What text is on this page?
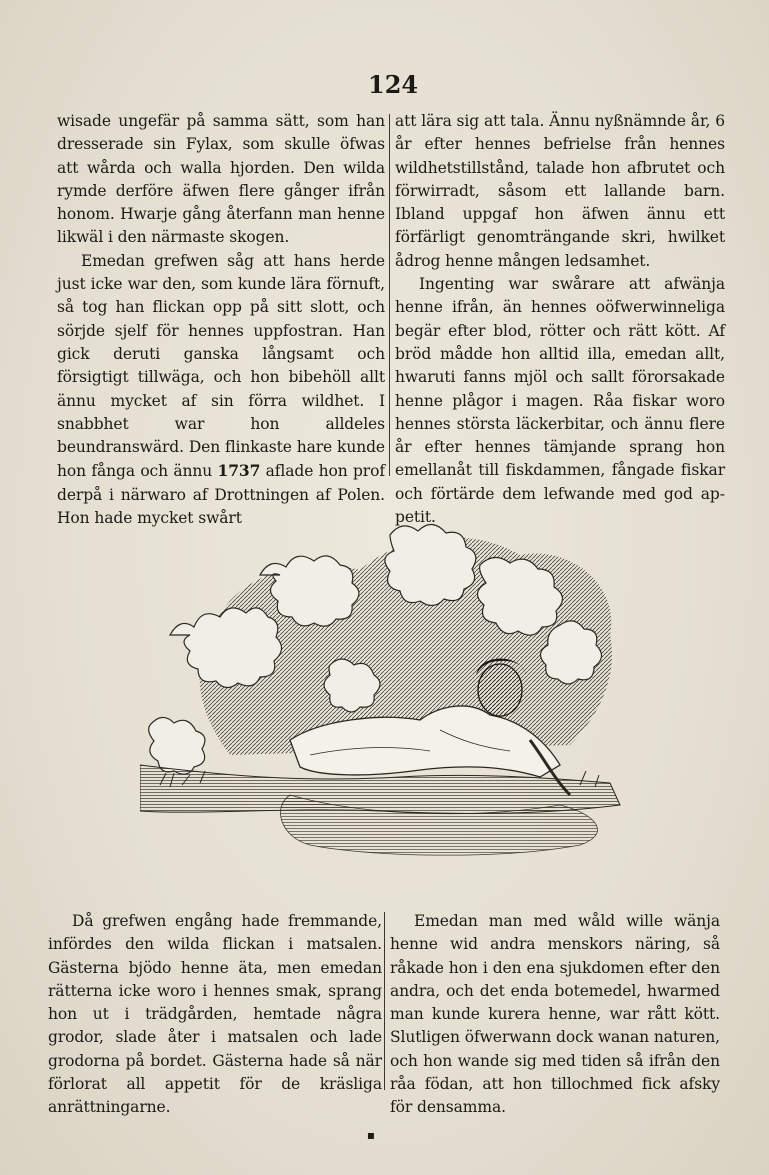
124

wisade ungefär på samma sätt, som han dresserade sin Fylax, som skulle öfwas att wårda och walla hjorden. Den wilda rymde derföre äfwen flere gånger ifrån honom. Hwarje gång återfann man henne likwäl i den närmaste skogen.

Emedan grefwen såg att hans herde just icke war den, som kunde lära förnuft, så tog han flickan opp på sitt slott, och sörjde sjelf för hennes uppfostran. Han gick deruti ganska långsamt och försigtigt tillwäga, och hon bibehöll allt ännu mycket af sin förra wildhet. I snabbhet war hon alldeles beundranswärd. Den flinkaste hare kunde hon fånga och ännu 1737 aflade hon prof derpå i närwaro af Drottningen af Polen. Hon hade mycket swårt

att lära sig att tala. Ännu nyßnämnde år, 6 år efter hennes befrielse från hennes wildhetstillstånd, talade hon afbrutet och förwirradt, såsom ett lallande barn. Ibland uppgaf hon äfwen ännu ett förfärligt genomträngande skri, hwilket ådrog henne mången ledsamhet.

Ingenting war swårare att afwänja henne ifrån, än hennes oöfwerwinneliga begär efter blod, rötter och rätt kött. Af bröd mådde hon alltid illa, emedan allt, hwaruti fanns mjöl och sallt förorsakade henne plågor i magen. Råa fiskar woro hennes största läckerbitar, och ännu flere år efter hennes tämjande sprang hon emellanåt till fiskdammen, fångade fiskar och förtärde dem lefwande med god appetit.

Då grefwen engång hade fremmande, infördes den wilda flickan i matsalen. Gästerna bjödo henne äta, men emedan rätterna icke woro i hennes smak, sprang hon ut i trädgården, hemtade några grodor, slade åter i matsalen och lade grodorna på bordet. Gästerna hade så när förlorat all appetit för de kräsliga anrättningarne.

Emedan man med wåld wille wänja henne wid andra menskors näring, så råkade hon i den ena sjukdomen efter den andra, och det enda botemedel, hwarmed man kunde kurera henne, war rått kött. Slutligen öfwerwann dock wanan naturen, och hon wande sig med tiden så ifrån den råa födan, att hon tillochmed fick afsky för densamma.

▪
